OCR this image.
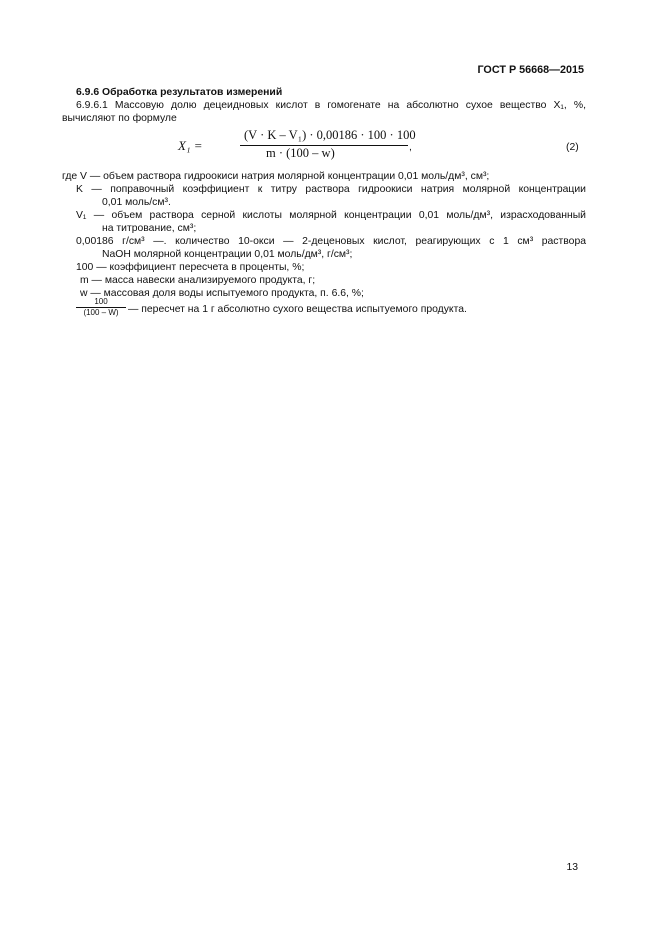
ГОСТ Р 56668—2015
6.9.6 Обработка результатов измерений
6.9.6.1 Массовую долю децеидновых кислот в гомогенате на абсолютно сухое вещество X₁, %,
вычисляют по формуле
X₁ =
(V · K – V₁) · 0,00186 · 100 · 100
m · (100 – w)	,	(2)
где V — объем раствора гидроокиси натрия молярной концентрации 0,01 моль/дм³, см³;
K — поправочный коэффициент к титру раствора гидроокиси натрия молярной концентрации
0,01 моль/см³.
V₁ — объем раствора серной кислоты молярной концентрации 0,01 моль/дм³, израсходованный
на титрование, см³;
0,00186 г/см³ —. количество 10-окси — 2-деценовых кислот, реагирующих с 1 см³ раствора
NaOH молярной концентрации 0,01 моль/дм³, г/см³;
100 — коэффициент пересчета в проценты, %;
m — масса навески анализируемого продукта, г;
w — массовая доля воды испытуемого продукта, п. 6.6, %;
100
(100 – W) — пересчет на 1 г абсолютно сухого вещества испытуемого продукта.
13
